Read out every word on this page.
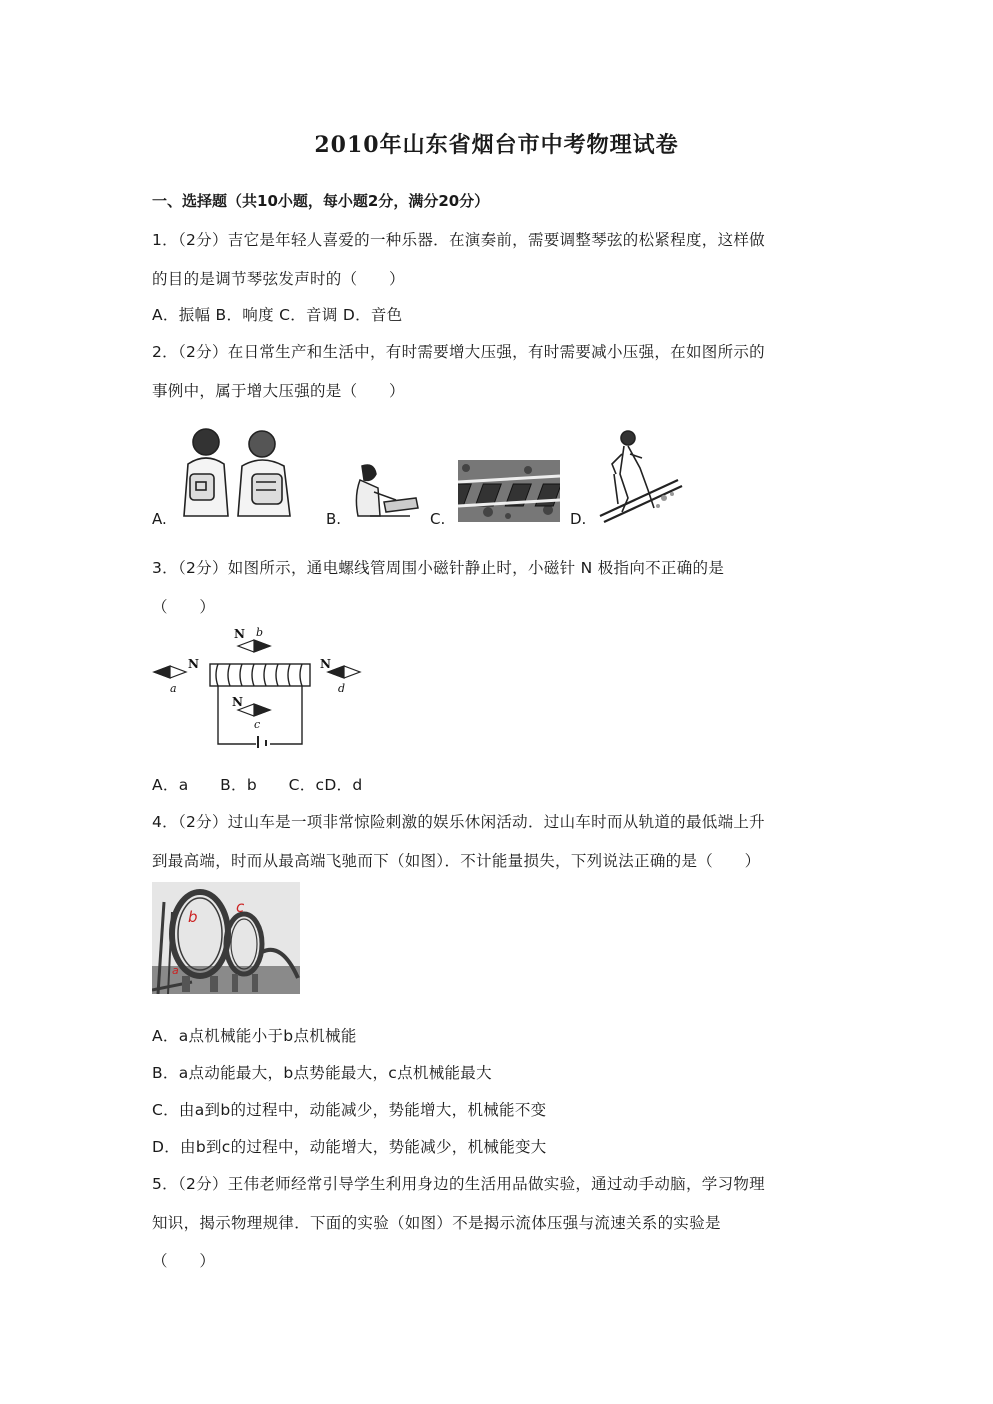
2010年山东省烟台市中考物理试卷
一、选择题（共10小题，每小题2分，满分20分）
1．（2分）吉它是年轻人喜爱的一种乐器．在演奏前，需要调整琴弦的松紧程度，这样做
的目的是调节琴弦发声时的（　　）
A．振幅 B．响度 C．音调 D．音色
2．（2分）在日常生产和生活中，有时需要增大压强，有时需要减小压强，在如图所示的
事例中，属于增大压强的是（　　）
A.	B.	C.	D.
3．（2分）如图所示，通电螺线管周围小磁针静止时，小磁针 N 极指向不正确的是
（　　）
N
N
N
N
a
b
c
d
A．a　　B．b　　C．cD．d
4．（2分）过山车是一项非常惊险刺激的娱乐休闲活动．过山车时而从轨道的最低端上升
到最高端，时而从最高端飞驰而下（如图）．不计能量损失，下列说法正确的是（　　）
b
c
a
A．a点机械能小于b点机械能
B．a点动能最大，b点势能最大，c点机械能最大
C．由a到b的过程中，动能减少，势能增大，机械能不变
D．由b到c的过程中，动能增大，势能减少，机械能变大
5．（2分）王伟老师经常引导学生利用身边的生活用品做实验，通过动手动脑，学习物理
知识，揭示物理规律．下面的实验（如图）不是揭示流体压强与流速关系的实验是
（　　）
